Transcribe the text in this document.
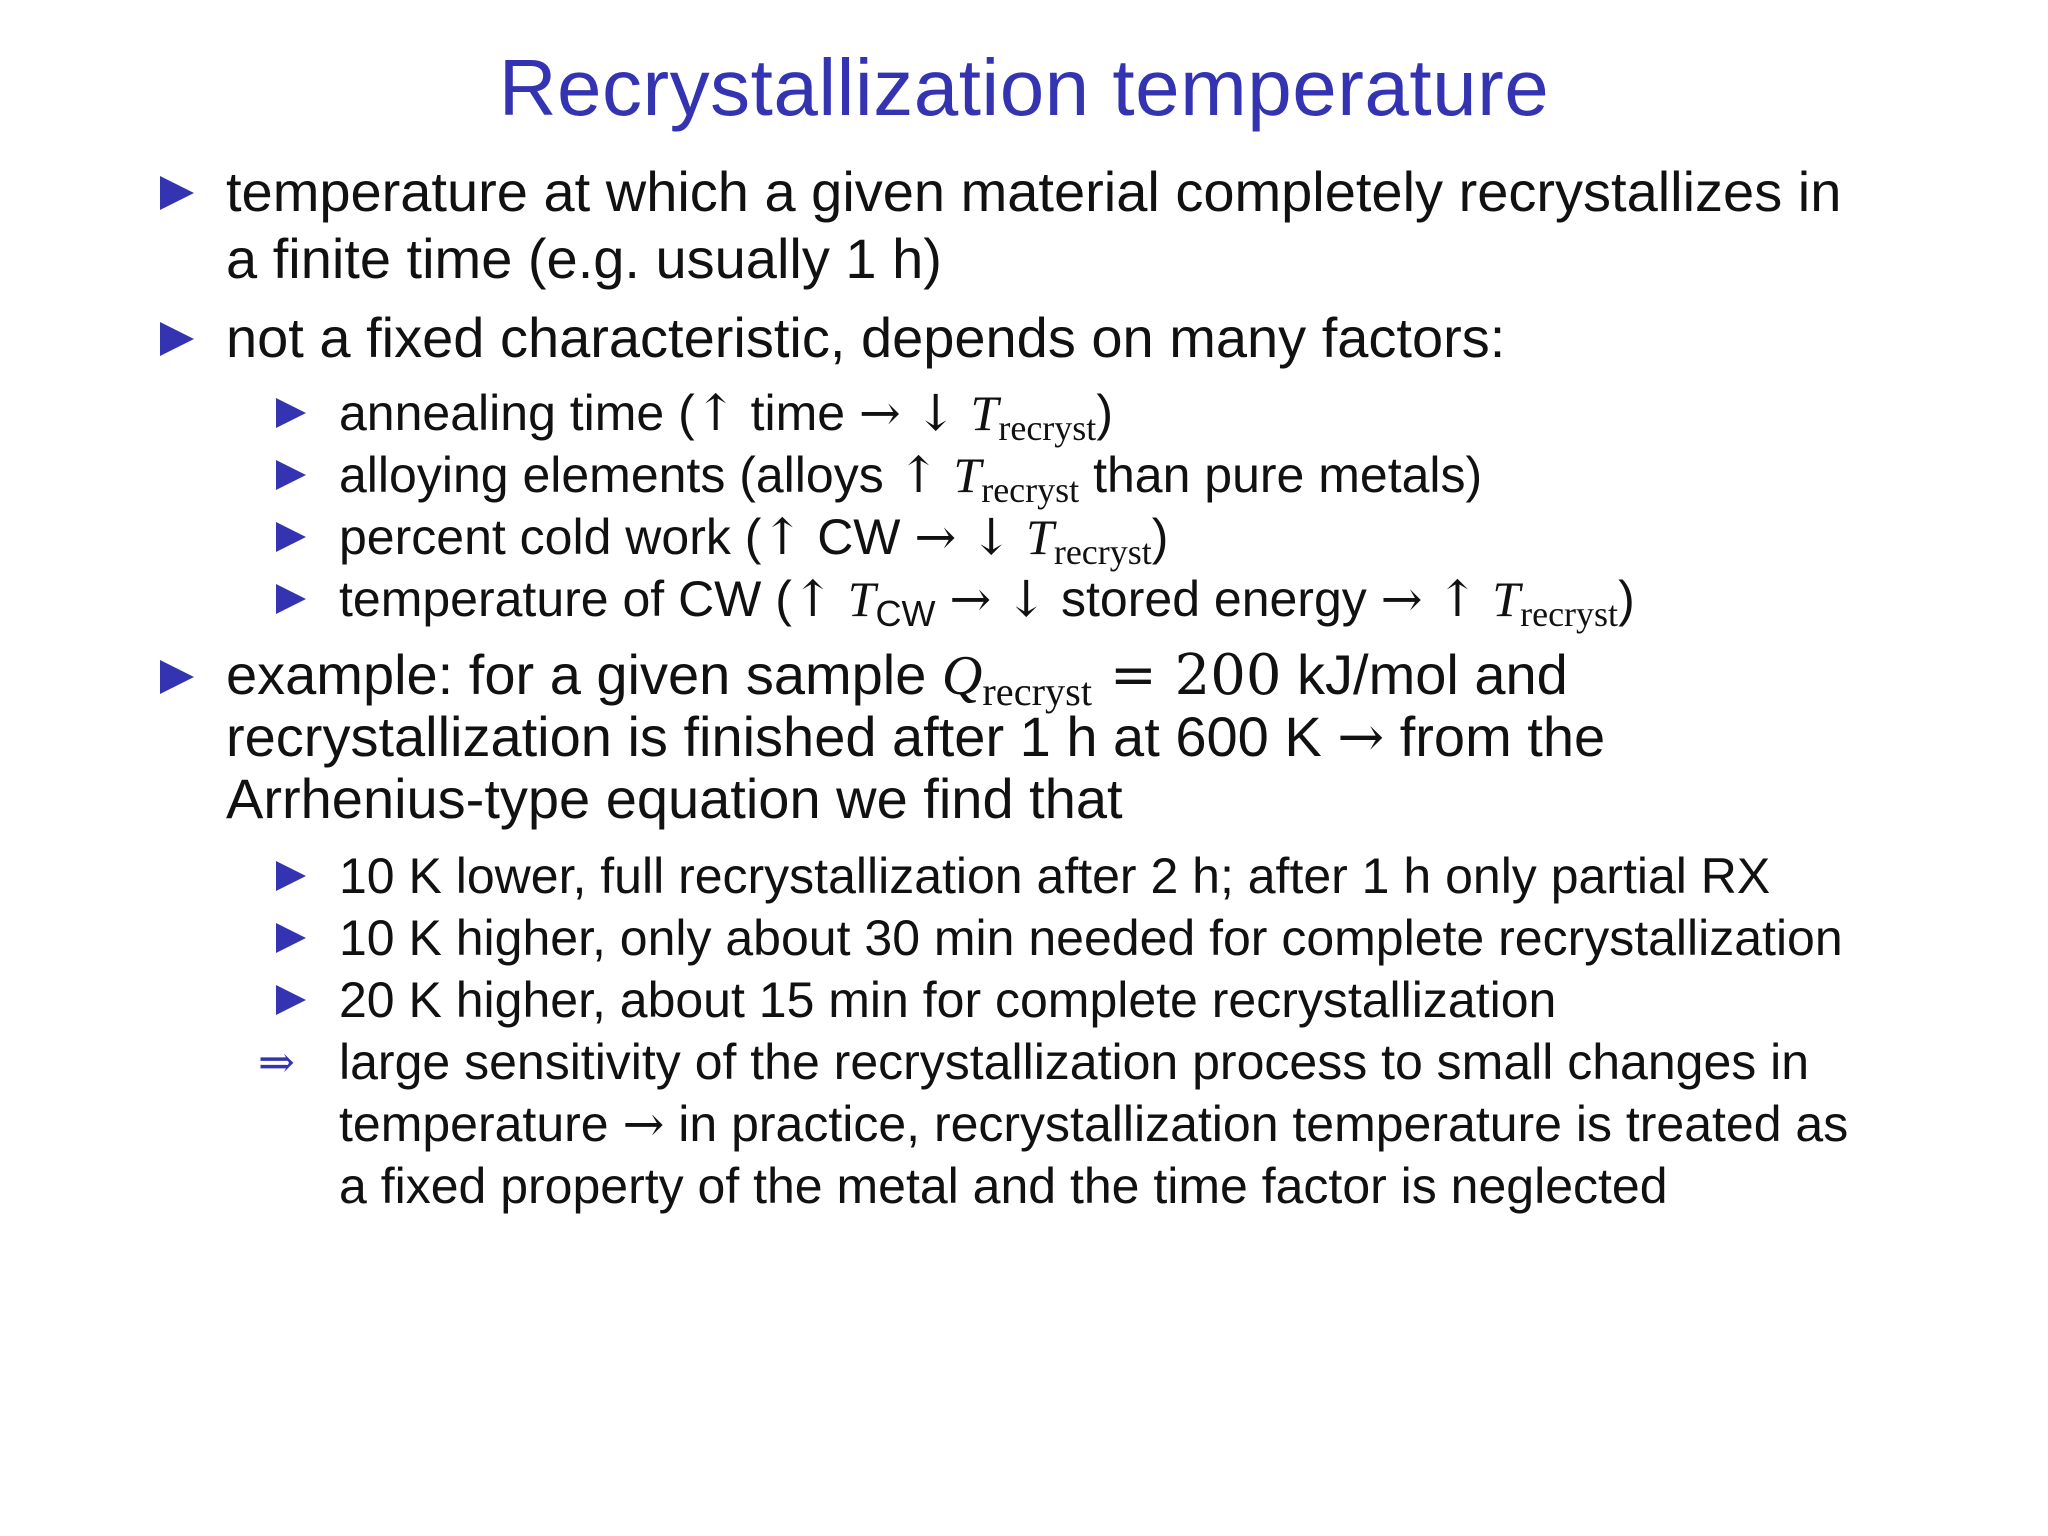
Recrystallization temperature
temperature at which a given material completely recrystallizes in
a finite time (e.g. usually 1 h)
not a fixed characteristic, depends on many factors:
annealing time (↑ time → ↓ $T_{recryst}$)
alloying elements (alloys ↑ $T_{recryst}$ than pure metals)
percent cold work (↑ CW → ↓ $T_{recryst}$)
temperature of CW (↑ $T_{CW}$ → ↓ stored energy → ↑ $T_{recryst}$)
example: for a given sample $Q_{recryst} = 200$ kJ/mol and
recrystallization is finished after 1 h at 600 K → from the
Arrhenius-type equation we find that
10 K lower, full recrystallization after 2 h; after 1 h only partial RX
10 K higher, only about 30 min needed for complete recrystallization
20 K higher, about 15 min for complete recrystallization
⇒ large sensitivity of the recrystallization process to small changes in
temperature → in practice, recrystallization temperature is treated as
a fixed property of the metal and the time factor is neglected
